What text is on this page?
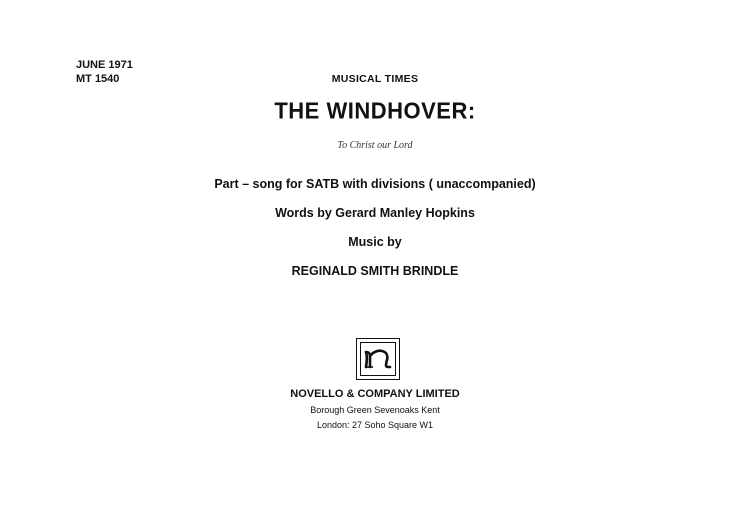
JUNE 1971
MT 1540	MUSICAL TIMES
THE WINDHOVER:
To Christ our Lord
Part – song for SATB with divisions ( unaccompanied)
Words by Gerard Manley Hopkins
Music by
REGINALD SMITH BRINDLE
NOVELLO & COMPANY LIMITED
Borough Green Sevenoaks Kent
London: 27 Soho Square W1
